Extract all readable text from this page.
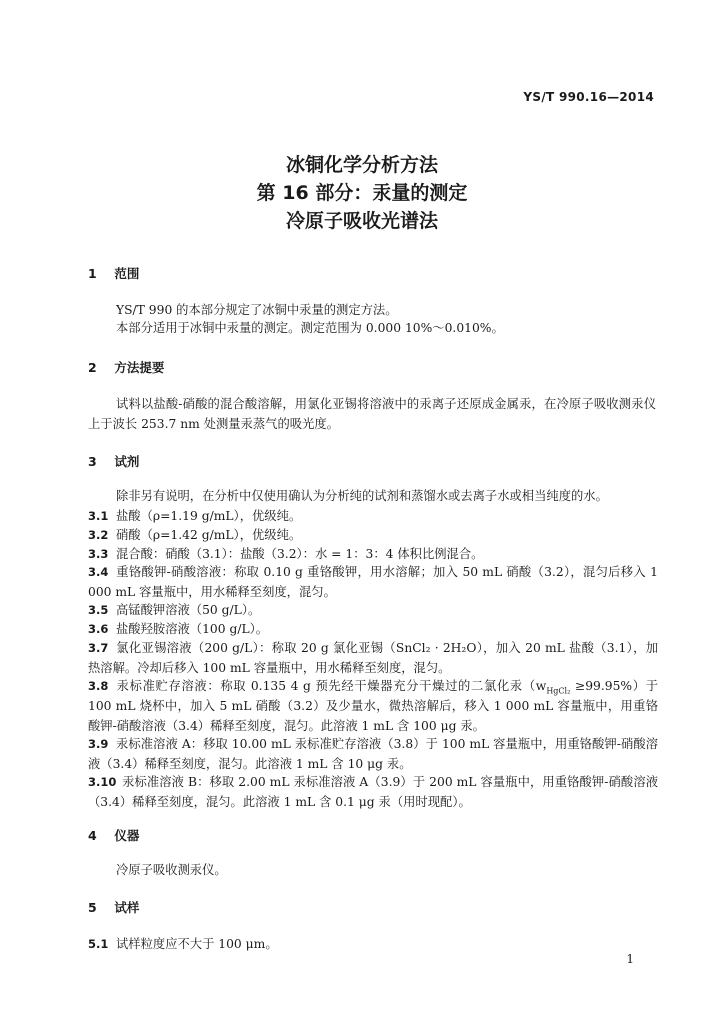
YS/T 990.16—2014
冰铜化学分析方法
第 16 部分：汞量的测定
冷原子吸收光谱法
1 范围
YS/T 990 的本部分规定了冰铜中汞量的测定方法。
本部分适用于冰铜中汞量的测定。测定范围为 0.000 10%～0.010%。
2 方法提要
试料以盐酸-硝酸的混合酸溶解，用氯化亚锡将溶液中的汞离子还原成金属汞，在冷原子吸收测汞仪上于波长 253.7 nm 处测量汞蒸气的吸光度。
3 试剂
除非另有说明，在分析中仅使用确认为分析纯的试剂和蒸馏水或去离子水或相当纯度的水。
3.1 盐酸（ρ=1.19 g/mL），优级纯。
3.2 硝酸（ρ=1.42 g/mL），优级纯。
3.3 混合酸：硝酸（3.1）：盐酸（3.2）：水 = 1：3：4 体积比例混合。
3.4 重铬酸钾-硝酸溶液：称取 0.10 g 重铬酸钾，用水溶解；加入 50 mL 硝酸（3.2），混匀后移入 1 000 mL 容量瓶中，用水稀释至刻度，混匀。
3.5 高锰酸钾溶液（50 g/L）。
3.6 盐酸羟胺溶液（100 g/L）。
3.7 氯化亚锡溶液（200 g/L）：称取 20 g 氯化亚锡（SnCl₂ · 2H₂O），加入 20 mL 盐酸（3.1），加热溶解。冷却后移入 100 mL 容量瓶中，用水稀释至刻度，混匀。
3.8 汞标准贮存溶液：称取 0.135 4 g 预先经干燥器充分干燥过的二氯化汞$(w_{HgCl_2} \ge 99.95\%)$于 100 mL 烧杯中，加入 5 mL 硝酸（3.2）及少量水，微热溶解后，移入 1 000 mL 容量瓶中，用重铬酸钾-硝酸溶液（3.4）稀释至刻度，混匀。此溶液 1 mL 含 100 μg 汞。
3.9 汞标准溶液 A：移取 10.00 mL 汞标准贮存溶液（3.8）于 100 mL 容量瓶中，用重铬酸钾-硝酸溶液（3.4）稀释至刻度，混匀。此溶液 1 mL 含 10 μg 汞。
3.10 汞标准溶液 B：移取 2.00 mL 汞标准溶液 A（3.9）于 200 mL 容量瓶中，用重铬酸钾-硝酸溶液（3.4）稀释至刻度，混匀。此溶液 1 mL 含 0.1 μg 汞（用时现配）。
4 仪器
冷原子吸收测汞仪。
5 试样
5.1 试样粒度应不大于 100 μm。
1
